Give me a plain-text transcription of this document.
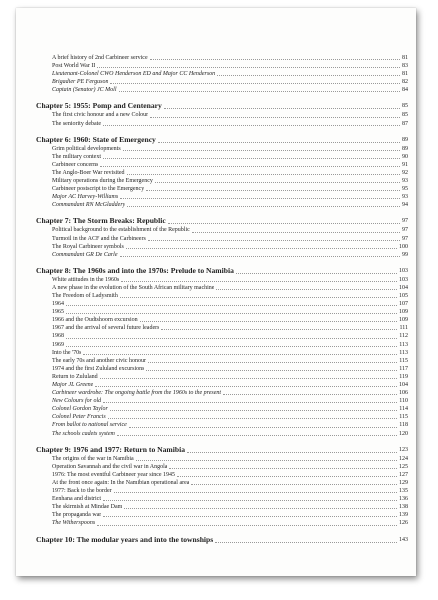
A brief history of 2nd Carbineer service	81
Post World War II	83
Lieutenant-Colonel CWO Henderson ED and Major CC Henderson	81
Brigadier PE Ferguson	82
Captain (Senator) JC Moll	84
Chapter 5: 1955: Pomp and Centenary	85
The first civic honour and a new Colour	85
The seniority debate	87
Chapter 6: 1960: State of Emergency	89
Grim political developments	89
The military context	90
Carbineer concerns	91
The Anglo-Boer War revisited	92
Military operations during the Emergency	93
Carbineer postscript to the Emergency	95
Major AC Harvey-Williams	93
Commandant RN McGladdery	94
Chapter 7: The Storm Breaks: Republic	97
Political background to the establishment of the Republic	97
Turmoil in the ACF and the Carbineers	97
The Royal Carbineer symbols	100
Commandant GR De Carle	99
Chapter 8: The 1960s and into the 1970s: Prelude to Namibia	103
White attitudes in the 1960s	103
A new phase in the evolution of the South African military machine	104
The Freedom of Ladysmith	105
1964	107
1965	109
1966 and the Oudtshoorn excursion	109
1967 and the arrival of several future leaders	111
1968	112
1969	113
Into the '70s	113
The early 70s and another civic honour	115
1974 and the first Zululand excursions	117
Return to Zululand	119
Major JL Greene	104
Carbineer wardrobe: The ongoing battle from the 1960s to the present	106
New Colours for old	110
Colonel Gordon Taylor	114
Colonel Peter Francis	115
From ballot to national service	118
The schools cadets system	120
Chapter 9: 1976 and 1977: Return to Namibia	123
The origins of the war in Namibia	124
Operation Savannah and the civil war in Angola	125
1976: The most eventful Carbineer year since 1945	127
At the front once again: In the Namibian operational area	129
1977: Back to the border	135
Eenhana and district	136
The skirmish at Mindae Dam	138
The propaganda war	139
The Witherspoons	126
Chapter 10: The modular years and into the townships	143
